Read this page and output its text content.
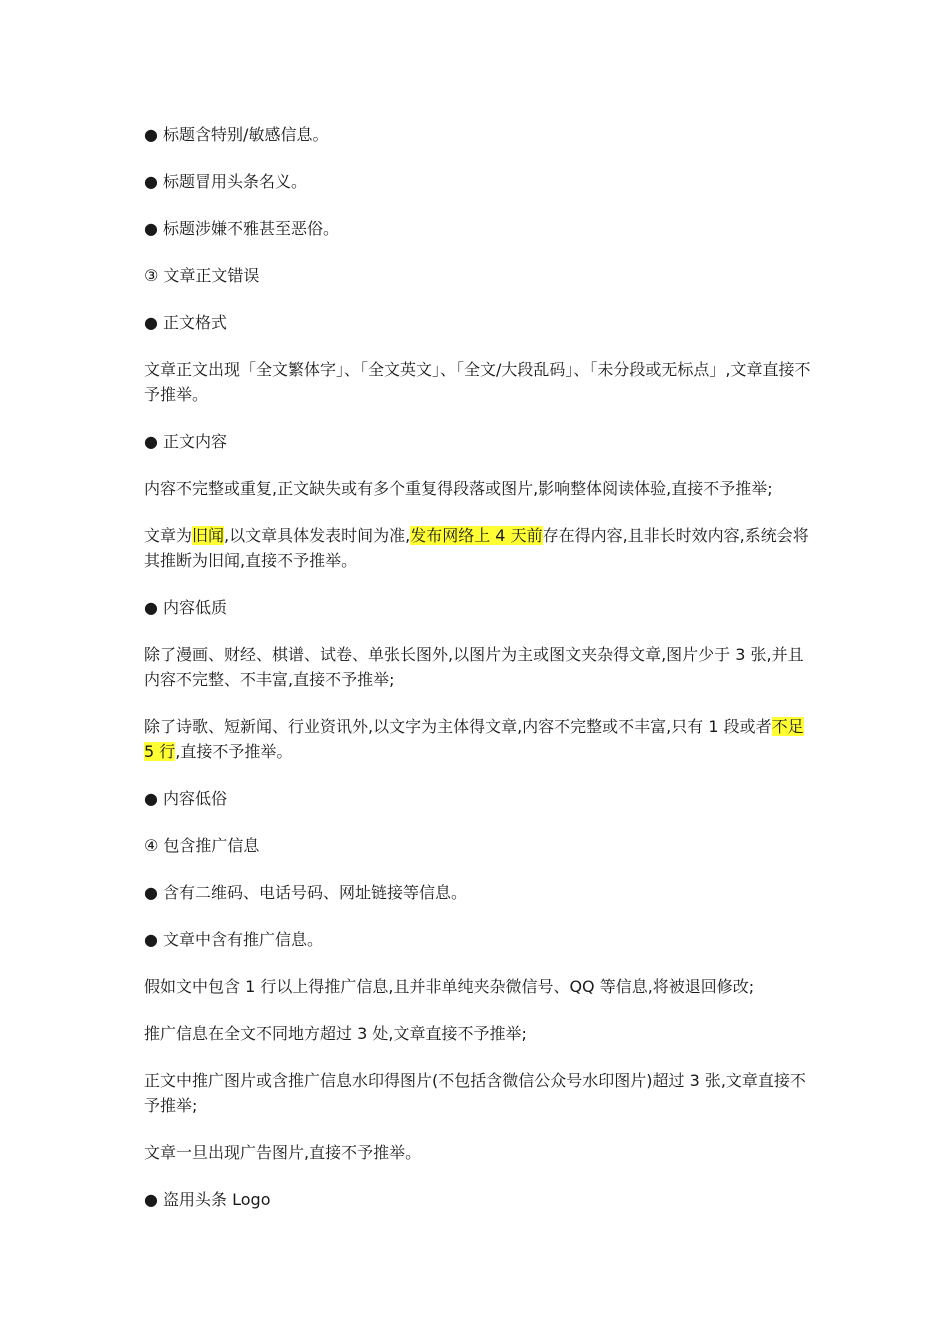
● 标题含特别/敏感信息。

● 标题冒用头条名义。

● 标题涉嫌不雅甚至恶俗。

③ 文章正文错误

● 正文格式

文章正文出现「全文繁体字」、「全文英文」、「全文/大段乱码」、「未分段或无标点」,文章直接不予推举。

● 正文内容

内容不完整或重复,正文缺失或有多个重复得段落或图片,影响整体阅读体验,直接不予推举;

文章为旧闻,以文章具体发表时间为准,发布网络上 4 天前存在得内容,且非长时效内容,系统会将其推断为旧闻,直接不予推举。

● 内容低质

除了漫画、财经、棋谱、试卷、单张长图外,以图片为主或图文夹杂得文章,图片少于 3 张,并且内容不完整、不丰富,直接不予推举;

除了诗歌、短新闻、行业资讯外,以文字为主体得文章,内容不完整或不丰富,只有 1 段或者不足 5 行,直接不予推举。

● 内容低俗

④ 包含推广信息

● 含有二维码、电话号码、网址链接等信息。

● 文章中含有推广信息。

假如文中包含 1 行以上得推广信息,且并非单纯夹杂微信号、QQ 等信息,将被退回修改;

推广信息在全文不同地方超过 3 处,文章直接不予推举;

正文中推广图片或含推广信息水印得图片(不包括含微信公众号水印图片)超过 3 张,文章直接不予推举;

文章一旦出现广告图片,直接不予推举。

● 盗用头条 Logo
